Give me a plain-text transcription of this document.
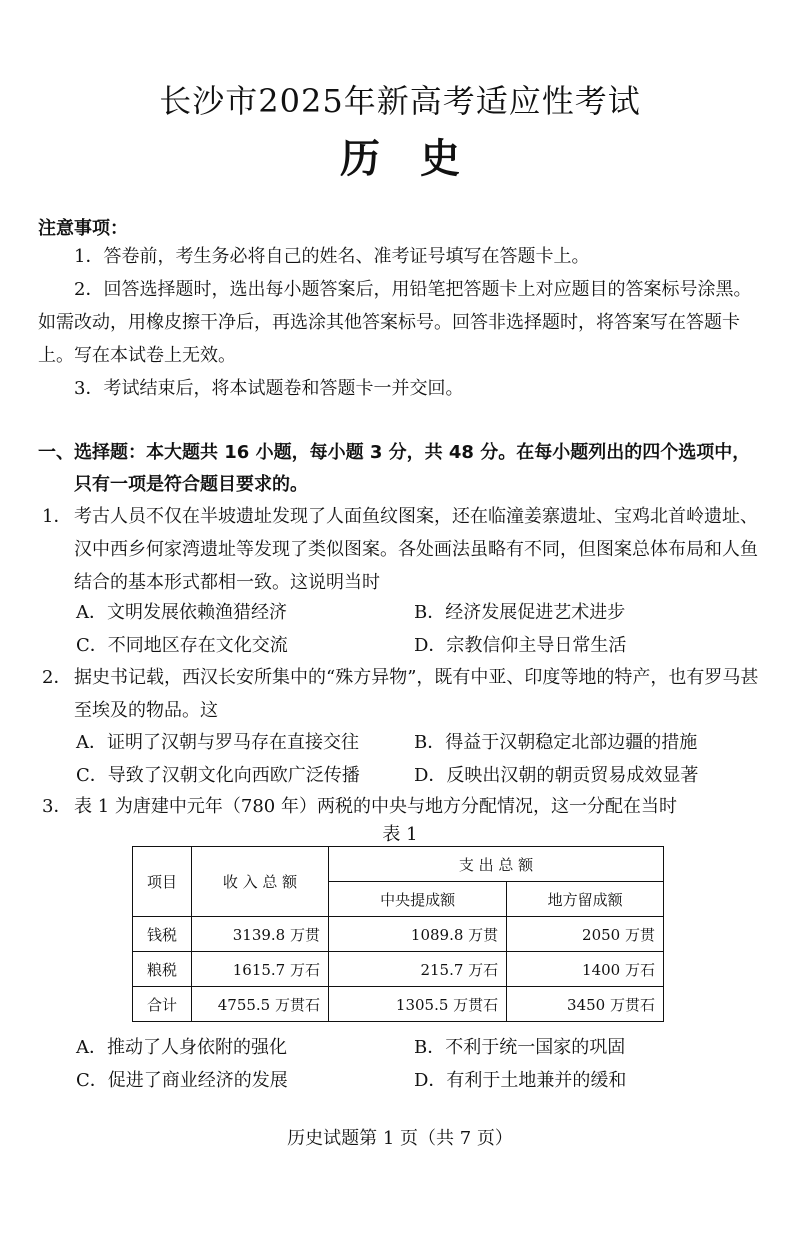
长沙市2025年新高考适应性考试
历史
注意事项：
1．答卷前，考生务必将自己的姓名、准考证号填写在答题卡上。
2．回答选择题时，选出每小题答案后，用铅笔把答题卡上对应题目的答案标号涂黑。如需改动，用橡皮擦干净后，再选涂其他答案标号。回答非选择题时，将答案写在答题卡上。写在本试卷上无效。
3．考试结束后，将本试题卷和答题卡一并交回。
一、选择题：本大题共 16 小题，每小题 3 分，共 48 分。在每小题列出的四个选项中，只有一项是符合题目要求的。
1． 考古人员不仅在半坡遗址发现了人面鱼纹图案，还在临潼姜寨遗址、宝鸡北首岭遗址、汉中西乡何家湾遗址等发现了类似图案。各处画法虽略有不同，但图案总体布局和人鱼结合的基本形式都相一致。这说明当时
A．文明发展依赖渔猎经济	B．经济发展促进艺术进步
C．不同地区存在文化交流	D．宗教信仰主导日常生活
2． 据史书记载，西汉长安所集中的“殊方异物”，既有中亚、印度等地的特产，也有罗马甚至埃及的物品。这
A．证明了汉朝与罗马存在直接交往	B．得益于汉朝稳定北部边疆的措施
C．导致了汉朝文化向西欧广泛传播	D．反映出汉朝的朝贡贸易成效显著
3． 表 1 为唐建中元年（780 年）两税的中央与地方分配情况，这一分配在当时
表 1
项目	收 入 总 额	支 出 总 额	
		中央提成额	地方留成额
钱税	3139.8 万贯	1089.8 万贯	2050 万贯
粮税	1615.7 万石	215.7 万石	1400 万石
合计	4755.5 万贯石	1305.5 万贯石	3450 万贯石
A．推动了人身依附的强化	B．不利于统一国家的巩固
C．促进了商业经济的发展	D．有利于土地兼并的缓和
历史试题第 1 页（共 7 页）
